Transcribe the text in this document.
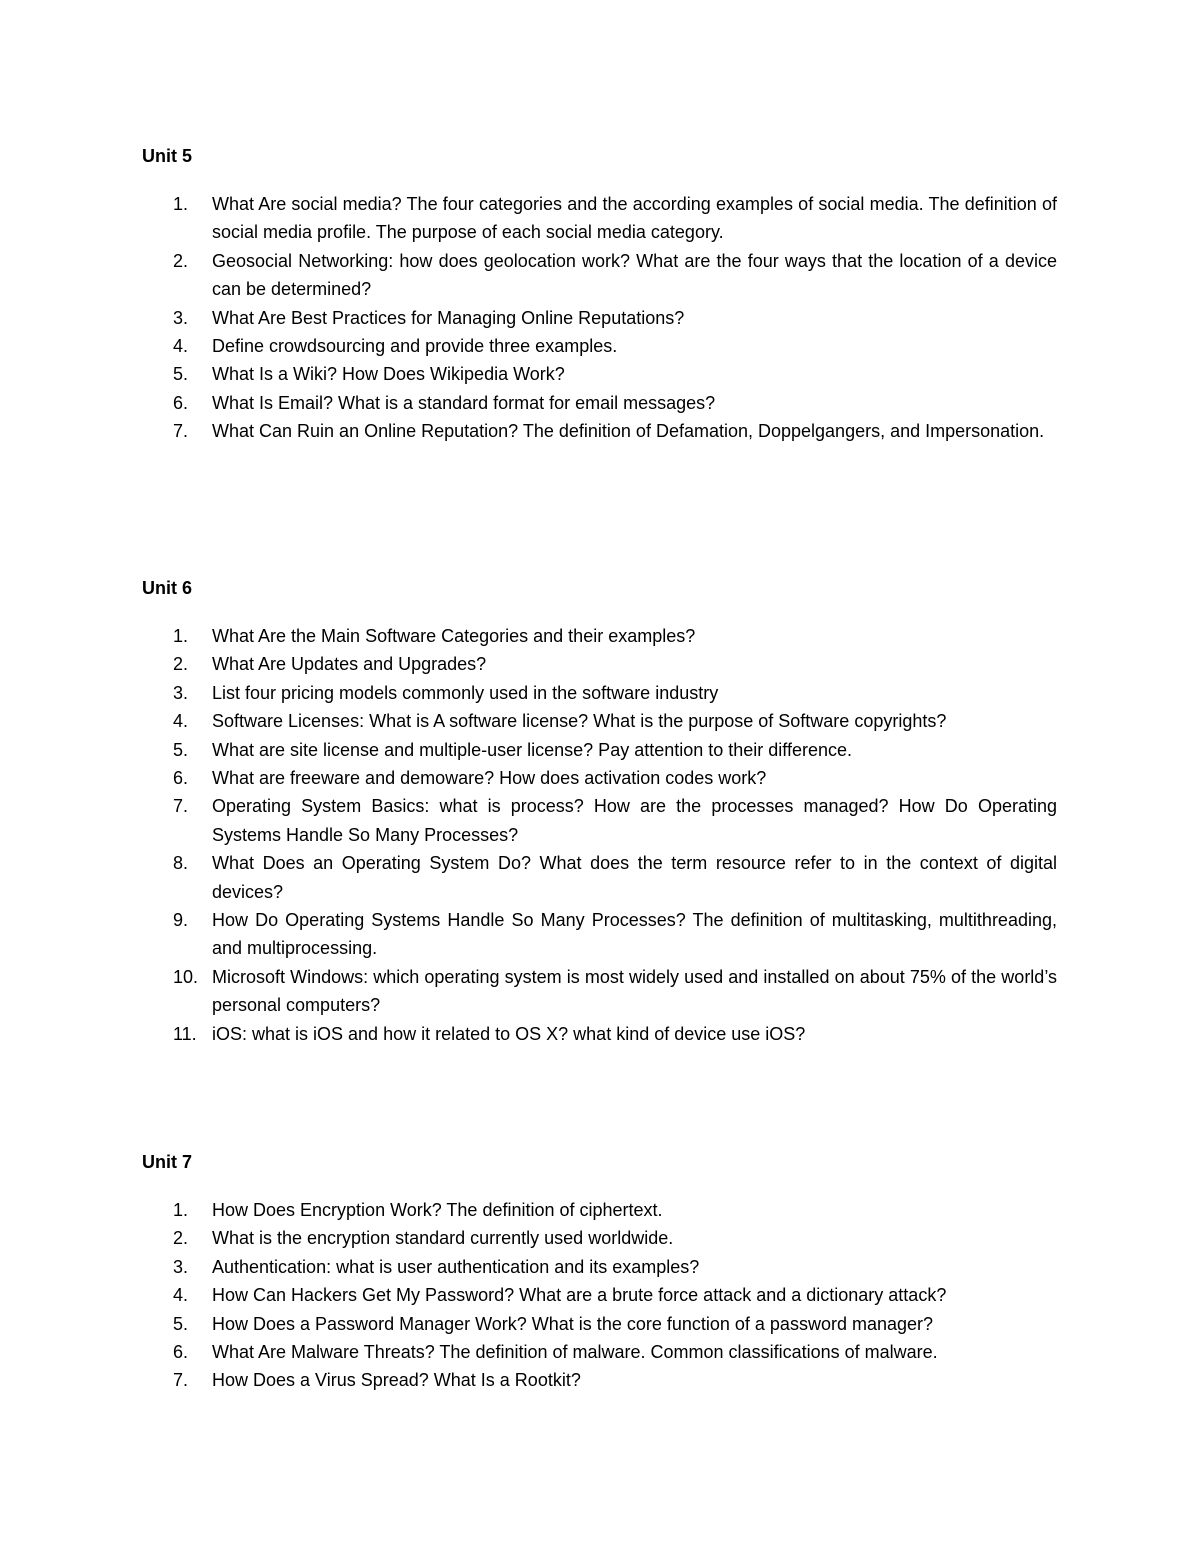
Unit 5
1.	What Are social media? The four categories and the according examples of social media. The definition of social media profile. The purpose of each social media category.
2.	Geosocial Networking: how does geolocation work? What are the four ways that the location of a device can be determined?
3.	What Are Best Practices for Managing Online Reputations?
4.	Define crowdsourcing and provide three examples.
5.	What Is a Wiki? How Does Wikipedia Work?
6.	What Is Email? What is a standard format for email messages?
7.	What Can Ruin an Online Reputation? The definition of Defamation, Doppelgangers, and Impersonation.
Unit 6
1.	What Are the Main Software Categories and their examples?
2.	What Are Updates and Upgrades?
3.	List four pricing models commonly used in the software industry
4.	Software Licenses: What is A software license? What is the purpose of Software copyrights?
5.	What are site license and multiple-user license? Pay attention to their difference.
6.	What are freeware and demoware? How does activation codes work?
7.	Operating System Basics: what is process? How are the processes managed? How Do Operating Systems Handle So Many Processes?
8.	What Does an Operating System Do? What does the term resource refer to in the context of digital devices?
9.	How Do Operating Systems Handle So Many Processes? The definition of multitasking, multithreading, and multiprocessing.
10. Microsoft Windows: which operating system is most widely used and installed on about 75% of the world’s personal computers?
11. iOS: what is iOS and how it related to OS X? what kind of device use iOS?
Unit 7
1.	How Does Encryption Work? The definition of ciphertext.
2.	What is the encryption standard currently used worldwide.
3.	Authentication: what is user authentication and its examples?
4.	How Can Hackers Get My Password? What are a brute force attack and a dictionary attack?
5.	How Does a Password Manager Work? What is the core function of a password manager?
6.	What Are Malware Threats? The definition of malware. Common classifications of malware.
7.	How Does a Virus Spread? What Is a Rootkit?
